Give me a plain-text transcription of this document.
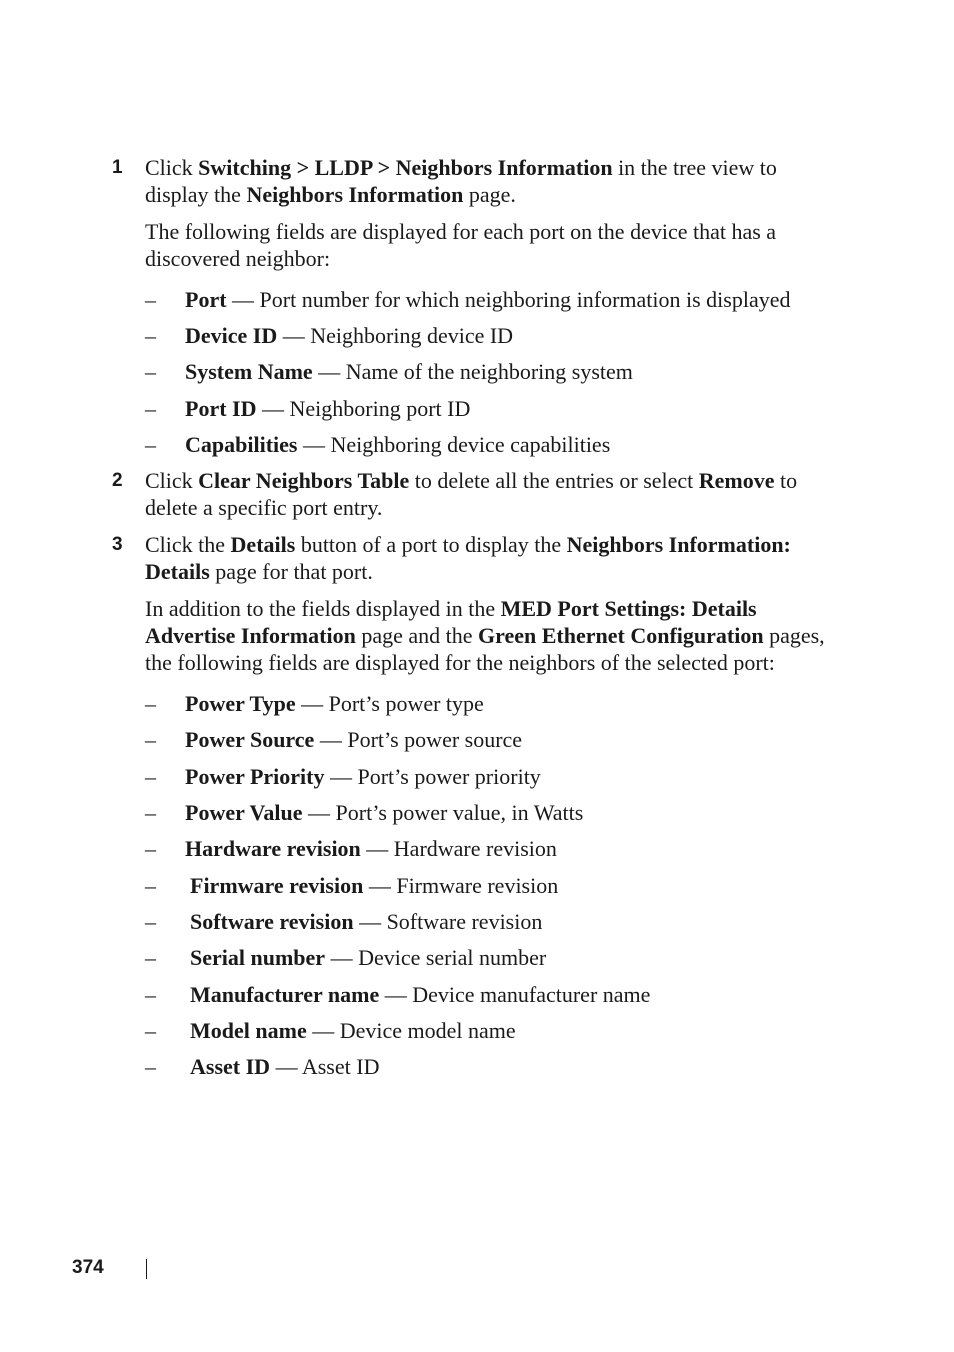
1 Click Switching > LLDP > Neighbors Information in the tree view to display the Neighbors Information page.

The following fields are displayed for each port on the device that has a discovered neighbor:

– Port — Port number for which neighboring information is displayed

– Device ID — Neighboring device ID

– System Name — Name of the neighboring system

– Port ID — Neighboring port ID

– Capabilities — Neighboring device capabilities

2 Click Clear Neighbors Table to delete all the entries or select Remove to delete a specific port entry.

3 Click the Details button of a port to display the Neighbors Information: Details page for that port.

In addition to the fields displayed in the MED Port Settings: Details Advertise Information page and the Green Ethernet Configuration pages, the following fields are displayed for the neighbors of the selected port:

– Power Type — Port’s power type

– Power Source — Port’s power source

– Power Priority — Port’s power priority

– Power Value — Port’s power value, in Watts

– Hardware revision — Hardware revision

– Firmware revision — Firmware revision

– Software revision — Software revision

– Serial number — Device serial number

– Manufacturer name — Device manufacturer name

– Model name — Device model name

– Asset ID — Asset ID

374
